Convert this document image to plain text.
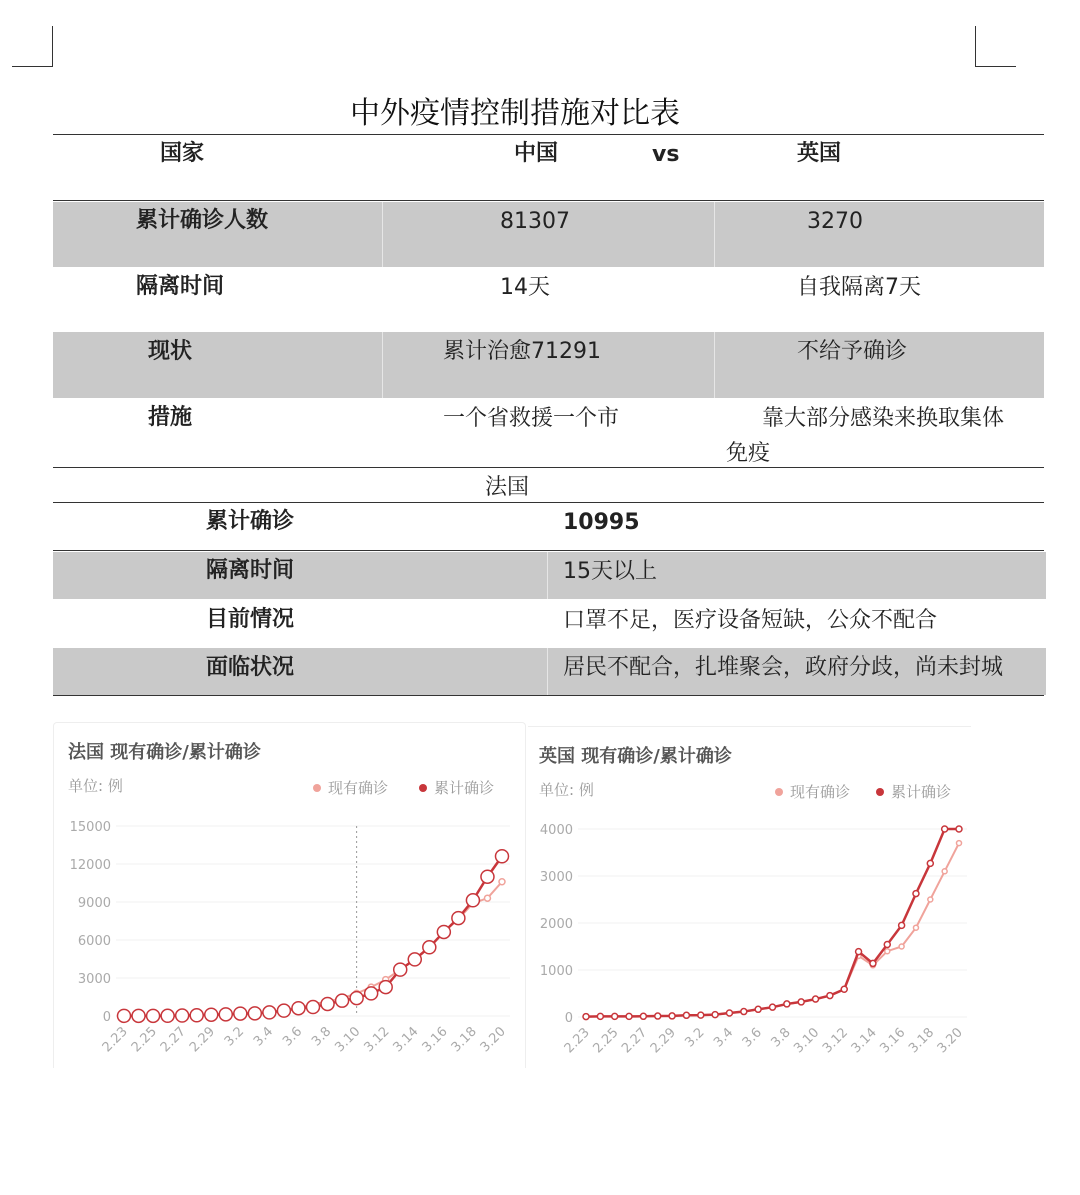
中外疫情控制措施对比表
国家	中国	vs	英国
累计确诊人数	81307	3270
隔离时间	14天	自我隔离7天
现状	累计治愈71291	不给予确诊
措施	一个省救援一个市	靠大部分感染来换取集体
免疫
法国
累计确诊	10995
隔离时间	15天以上
目前情况	口罩不足，医疗设备短缺，公众不配合
面临状况	居民不配合，扎堆聚会，政府分歧，尚未封城
法国 现有确诊/累计确诊
单位: 例	现有确诊	累计确诊
0
3000
6000
9000
12000
15000
2.23
2.25
2.27
2.29 3.2 3.4 3.6 3.8
3.10
3.12
3.14
3.16
3.18
3.20
英国 现有确诊/累计确诊
单位: 例	现有确诊	累计确诊
0
1000
2000
3000
4000
2.23
2.25
2.27
2.29 3.2 3.4 3.6 3.8
3.10
3.12
3.14
3.16
3.18
3.20
